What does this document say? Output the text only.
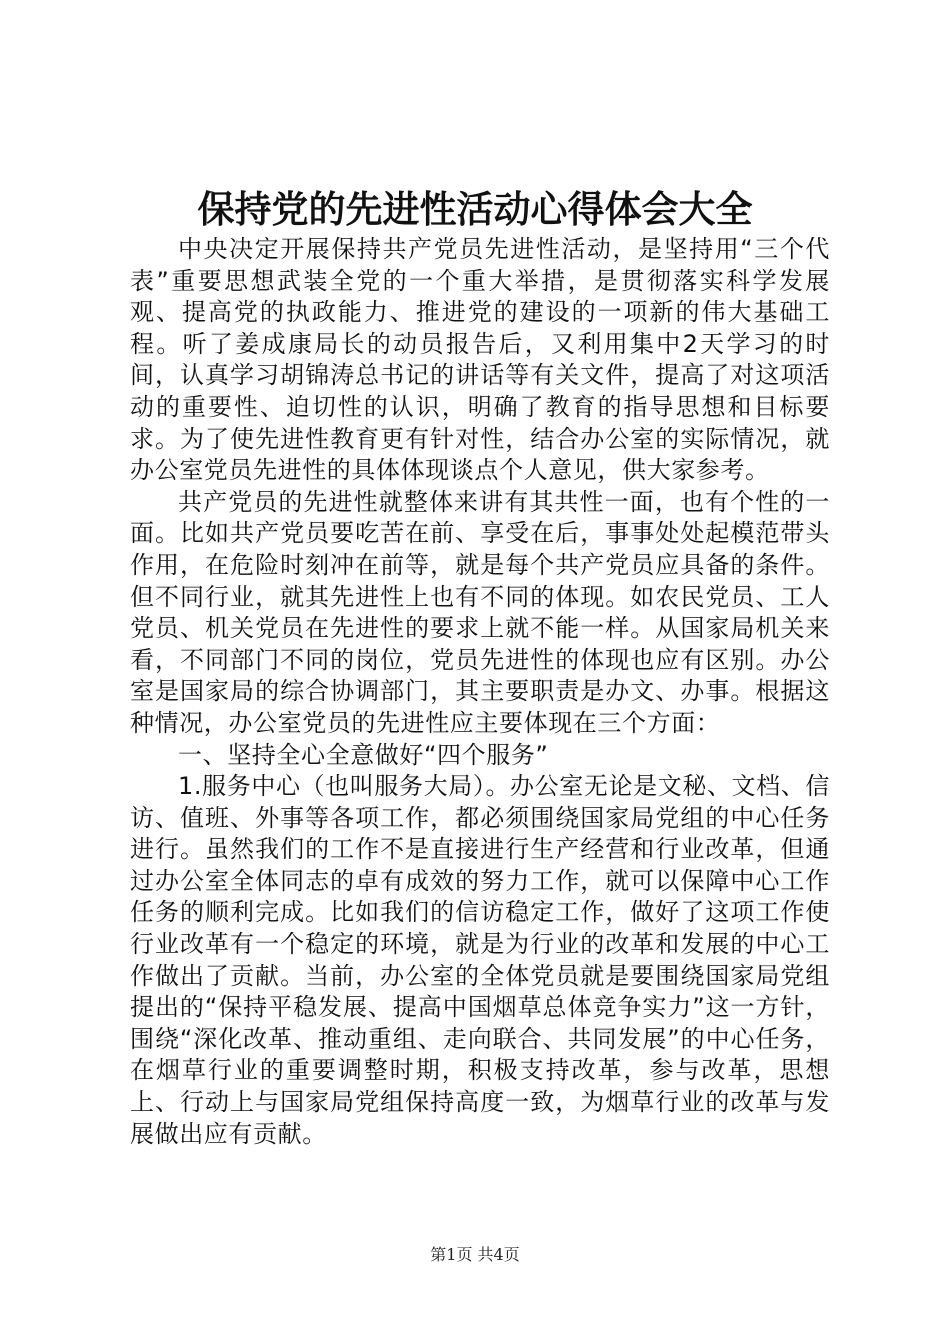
保持党的先进性活动心得体会大全

中央决定开展保持共产党员先进性活动，是坚持用“三个代表”重要思想武装全党的一个重大举措，是贯彻落实科学发展观、提高党的执政能力、推进党的建设的一项新的伟大基础工程。听了姜成康局长的动员报告后，又利用集中2天学习的时间，认真学习胡锦涛总书记的讲话等有关文件，提高了对这项活动的重要性、迫切性的认识，明确了教育的指导思想和目标要求。为了使先进性教育更有针对性，结合办公室的实际情况，就办公室党员先进性的具体体现谈点个人意见，供大家参考。

共产党员的先进性就整体来讲有其共性一面，也有个性的一面。比如共产党员要吃苦在前、享受在后，事事处处起模范带头作用，在危险时刻冲在前等，就是每个共产党员应具备的条件。但不同行业，就其先进性上也有不同的体现。如农民党员、工人党员、机关党员在先进性的要求上就不能一样。从国家局机关来看，不同部门不同的岗位，党员先进性的体现也应有区别。办公室是国家局的综合协调部门，其主要职责是办文、办事。根据这种情况，办公室党员的先进性应主要体现在三个方面：

一、坚持全心全意做好“四个服务”

1.服务中心（也叫服务大局）。办公室无论是文秘、文档、信访、值班、外事等各项工作，都必须围绕国家局党组的中心任务进行。虽然我们的工作不是直接进行生产经营和行业改革，但通过办公室全体同志的卓有成效的努力工作，就可以保障中心工作任务的顺利完成。比如我们的信访稳定工作，做好了这项工作使行业改革有一个稳定的环境，就是为行业的改革和发展的中心工作做出了贡献。当前，办公室的全体党员就是要围绕国家局党组提出的“保持平稳发展、提高中国烟草总体竞争实力”这一方针，围绕“深化改革、推动重组、走向联合、共同发展”的中心任务，在烟草行业的重要调整时期，积极支持改革，参与改革，思想上、行动上与国家局党组保持高度一致，为烟草行业的改革与发展做出应有贡献。

第1页 共4页
